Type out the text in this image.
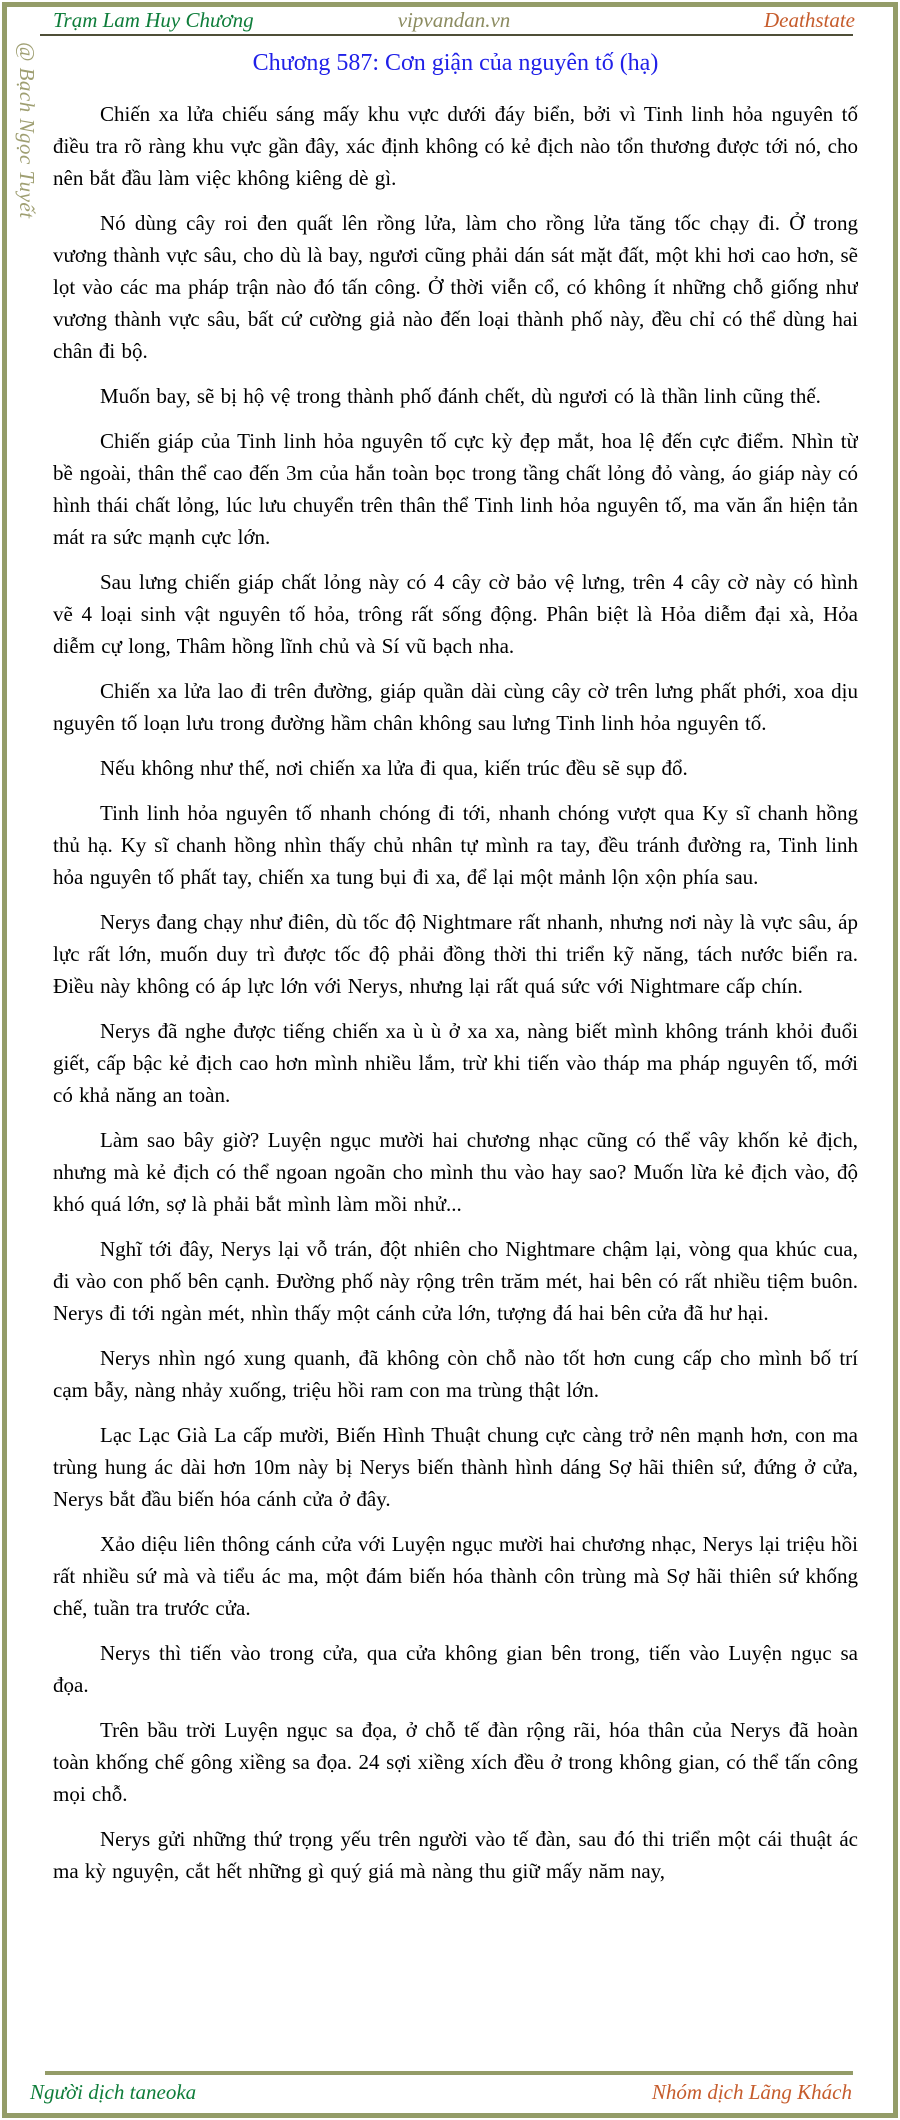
Trạm Lam Huy Chương	vipvandan.vn	Deathstate
@ Bạch Ngọc Tuyết	Chương 587: Cơn giận của nguyên tố (hạ)

Chiến xa lửa chiếu sáng mấy khu vực dưới đáy biển, bởi vì Tinh linh hỏa nguyên tố điều tra rõ ràng khu vực gần đây, xác định không có kẻ địch nào tổn thương được tới nó, cho nên bắt đầu làm việc không kiêng dè gì.

Nó dùng cây roi đen quất lên rồng lửa, làm cho rồng lửa tăng tốc chạy đi. Ở trong vương thành vực sâu, cho dù là bay, ngươi cũng phải dán sát mặt đất, một khi hơi cao hơn, sẽ lọt vào các ma pháp trận nào đó tấn công. Ở thời viễn cổ, có không ít những chỗ giống như vương thành vực sâu, bất cứ cường giả nào đến loại thành phố này, đều chỉ có thể dùng hai chân đi bộ.

Muốn bay, sẽ bị hộ vệ trong thành phố đánh chết, dù ngươi có là thần linh cũng thế.

Chiến giáp của Tinh linh hỏa nguyên tố cực kỳ đẹp mắt, hoa lệ đến cực điểm. Nhìn từ bề ngoài, thân thể cao đến 3m của hắn toàn bọc trong tầng chất lỏng đỏ vàng, áo giáp này có hình thái chất lỏng, lúc lưu chuyển trên thân thể Tinh linh hỏa nguyên tố, ma văn ẩn hiện tản mát ra sức mạnh cực lớn.

Sau lưng chiến giáp chất lỏng này có 4 cây cờ bảo vệ lưng, trên 4 cây cờ này có hình vẽ 4 loại sinh vật nguyên tố hỏa, trông rất sống động. Phân biệt là Hỏa diễm đại xà, Hỏa diễm cự long, Thâm hồng lĩnh chủ và Sí vũ bạch nha.

Chiến xa lửa lao đi trên đường, giáp quần dài cùng cây cờ trên lưng phất phới, xoa dịu nguyên tố loạn lưu trong đường hầm chân không sau lưng Tinh linh hỏa nguyên tố.

Nếu không như thế, nơi chiến xa lửa đi qua, kiến trúc đều sẽ sụp đổ.

Tinh linh hỏa nguyên tố nhanh chóng đi tới, nhanh chóng vượt qua Ky sĩ chanh hồng thủ hạ. Ky sĩ chanh hồng nhìn thấy chủ nhân tự mình ra tay, đều tránh đường ra, Tinh linh hỏa nguyên tố phất tay, chiến xa tung bụi đi xa, để lại một mảnh lộn xộn phía sau.

Nerys đang chạy như điên, dù tốc độ Nightmare rất nhanh, nhưng nơi này là vực sâu, áp lực rất lớn, muốn duy trì được tốc độ phải đồng thời thi triển kỹ năng, tách nước biển ra. Điều này không có áp lực lớn với Nerys, nhưng lại rất quá sức với Nightmare cấp chín.

Nerys đã nghe được tiếng chiến xa ù ù ở xa xa, nàng biết mình không tránh khỏi đuổi giết, cấp bậc kẻ địch cao hơn mình nhiều lắm, trừ khi tiến vào tháp ma pháp nguyên tố, mới có khả năng an toàn.

Làm sao bây giờ? Luyện ngục mười hai chương nhạc cũng có thể vây khốn kẻ địch, nhưng mà kẻ địch có thể ngoan ngoãn cho mình thu vào hay sao? Muốn lừa kẻ địch vào, độ khó quá lớn, sợ là phải bắt mình làm mồi nhử...

Nghĩ tới đây, Nerys lại vỗ trán, đột nhiên cho Nightmare chậm lại, vòng qua khúc cua, đi vào con phố bên cạnh. Đường phố này rộng trên trăm mét, hai bên có rất nhiều tiệm buôn. Nerys đi tới ngàn mét, nhìn thấy một cánh cửa lớn, tượng đá hai bên cửa đã hư hại.

Nerys nhìn ngó xung quanh, đã không còn chỗ nào tốt hơn cung cấp cho mình bố trí cạm bẫy, nàng nhảy xuống, triệu hồi ram con ma trùng thật lớn.

Lạc Lạc Già La cấp mười, Biến Hình Thuật chung cực càng trở nên mạnh hơn, con ma trùng hung ác dài hơn 10m này bị Nerys biến thành hình dáng Sợ hãi thiên sứ, đứng ở cửa, Nerys bắt đầu biến hóa cánh cửa ở đây.

Xảo diệu liên thông cánh cửa với Luyện ngục mười hai chương nhạc, Nerys lại triệu hồi rất nhiều sứ mà và tiểu ác ma, một đám biến hóa thành côn trùng mà Sợ hãi thiên sứ khống chế, tuần tra trước cửa.

Nerys thì tiến vào trong cửa, qua cửa không gian bên trong, tiến vào Luyện ngục sa đọa.

Trên bầu trời Luyện ngục sa đọa, ở chỗ tế đàn rộng rãi, hóa thân của Nerys đã hoàn toàn khống chế gông xiềng sa đọa. 24 sợi xiềng xích đều ở trong không gian, có thể tấn công mọi chỗ.

Nerys gửi những thứ trọng yếu trên người vào tế đàn, sau đó thi triển một cái thuật ác ma kỳ nguyện, cắt hết những gì quý giá mà nàng thu giữ mấy năm nay,

Người dịch taneoka	Nhóm dịch Lãng Khách
